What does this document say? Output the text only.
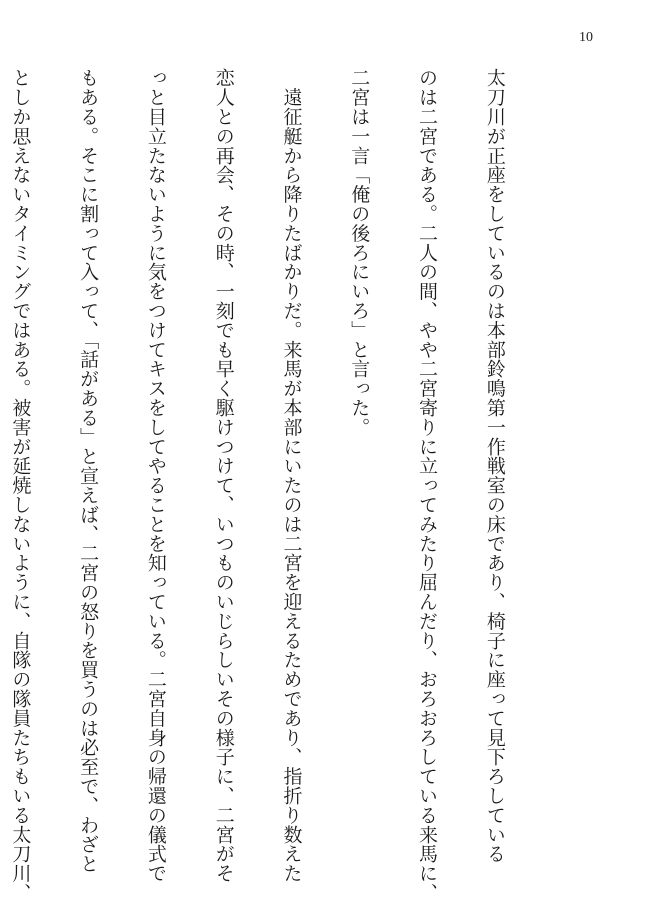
10

太刀川が正座をしているのは本部鈴鳴第一作戦室の床であり、椅子に座って見下ろしている

のは二宮である。二人の間、やや二宮寄りに立ってみたり屈んだり、おろおろしている来馬に、

二宮は一言「俺の後ろにいろ」と言った。

　遠征艇から降りたばかりだ。来馬が本部にいたのは二宮を迎えるためであり、指折り数えた

恋人との再会、その時、一刻でも早く駆けつけて、いつものいじらしいその様子に、二宮がそ

っと目立たないように気をつけてキスをしてやることを知っている。二宮自身の帰還の儀式で

もある。そこに割って入って、「話がある」と宣えば、二宮の怒りを買うのは必至で、わざと

としか思えないタイミングではある。被害が延焼しないように、自隊の隊員たちもいる太刀川、
